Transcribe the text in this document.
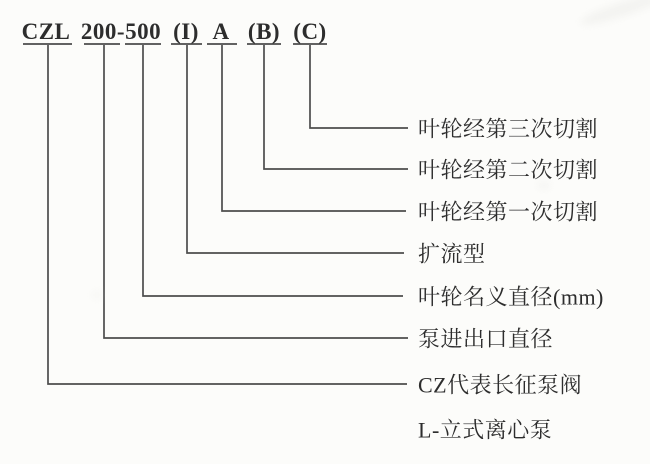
CZL 200-500 (I) A (B) (C)
叶轮经第三次切割
叶轮经第二次切割
叶轮经第一次切割
扩流型
叶轮名义直径(mm)
泵进出口直径
CZ代表长征泵阀
L-立式离心泵
